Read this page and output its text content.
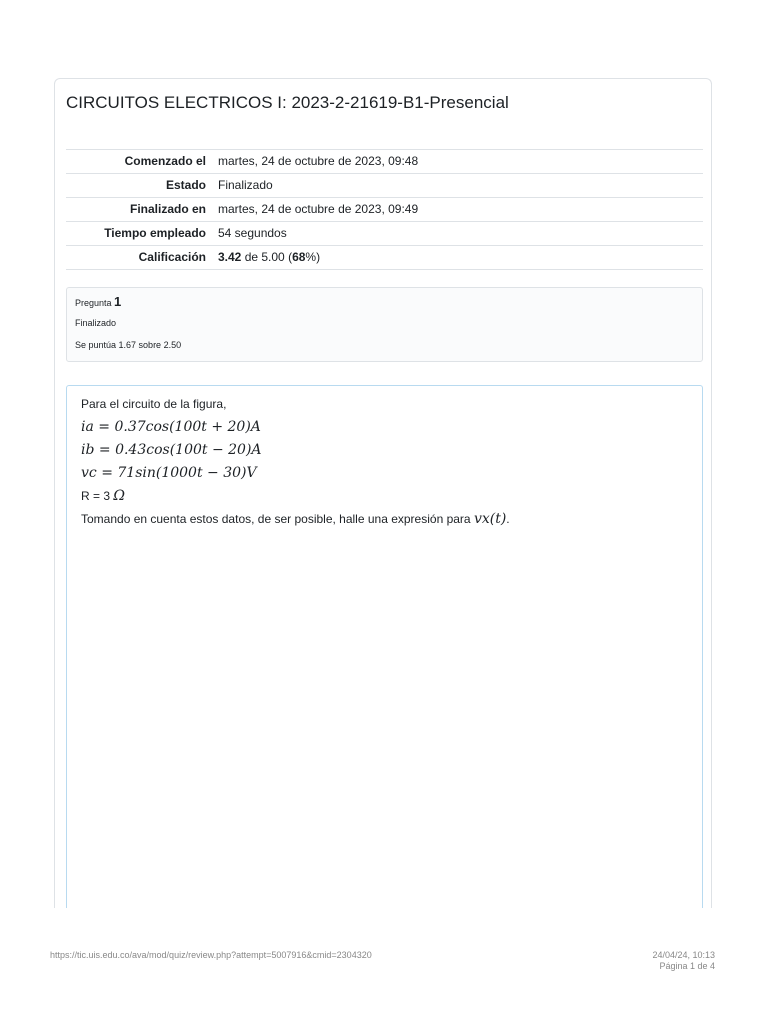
CIRCUITOS ELECTRICOS I: 2023-2-21619-B1-Presencial
Comenzado el	martes, 24 de octubre de 2023, 09:48
Estado	Finalizado
Finalizado en	martes, 24 de octubre de 2023, 09:49
Tiempo empleado	54 segundos
Calificación	3.42 de 5.00 (68%)
Pregunta 1
Finalizado
Se puntúa 1.67 sobre 2.50

Para el circuito de la figura,

ia = 0.37cos(100t + 20)A

ib = 0.43cos(100t − 20)A

vc = 71sin(1000t − 30)V

R = 3 Ω

Tomando en cuenta estos datos, de ser posible, halle una expresión para vx(t).

https://tic.uis.edu.co/ava/mod/quiz/review.php?attempt=5007916&cmid=2304320	24/04/24, 10:13
Página 1 de 4
